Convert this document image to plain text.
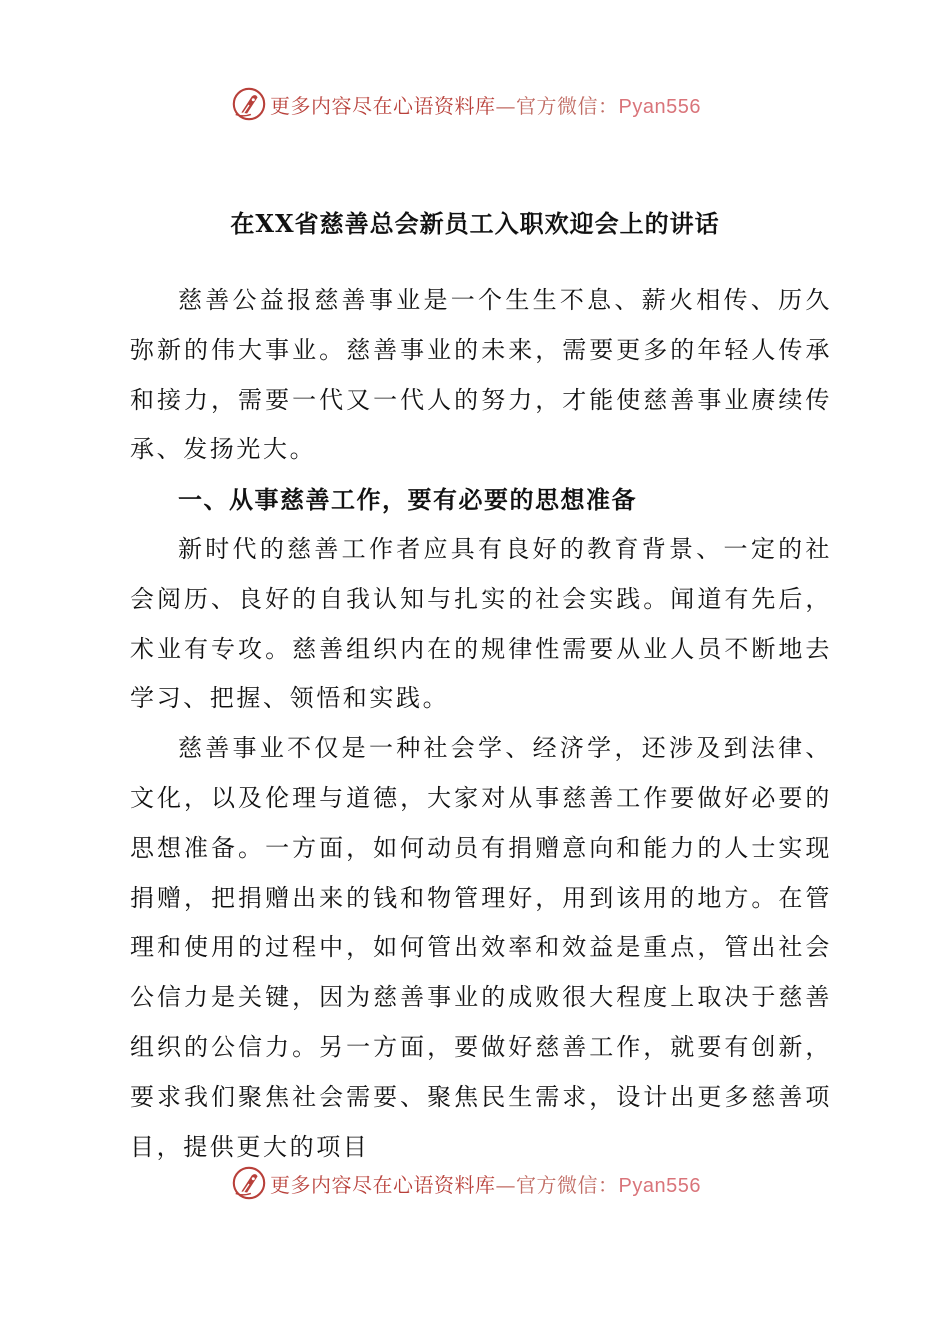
更多内容尽在心语资料库—官方微信：Pyan556
在XX省慈善总会新员工入职欢迎会上的讲话

慈善公益报慈善事业是一个生生不息、薪火相传、历久弥新的伟大事业。慈善事业的未来，需要更多的年轻人传承和接力，需要一代又一代人的努力，才能使慈善事业赓续传承、发扬光大。

一、从事慈善工作，要有必要的思想准备

新时代的慈善工作者应具有良好的教育背景、一定的社会阅历、良好的自我认知与扎实的社会实践。闻道有先后，术业有专攻。慈善组织内在的规律性需要从业人员不断地去学习、把握、领悟和实践。

慈善事业不仅是一种社会学、经济学，还涉及到法律、文化，以及伦理与道德，大家对从事慈善工作要做好必要的思想准备。一方面，如何动员有捐赠意向和能力的人士实现捐赠，把捐赠出来的钱和物管理好，用到该用的地方。在管理和使用的过程中，如何管出效率和效益是重点，管出社会公信力是关键，因为慈善事业的成败很大程度上取决于慈善组织的公信力。另一方面，要做好慈善工作，就要有创新，要求我们聚焦社会需要、聚焦民生需求，设计出更多慈善项目，提供更大的项目

更多内容尽在心语资料库—官方微信：Pyan556
